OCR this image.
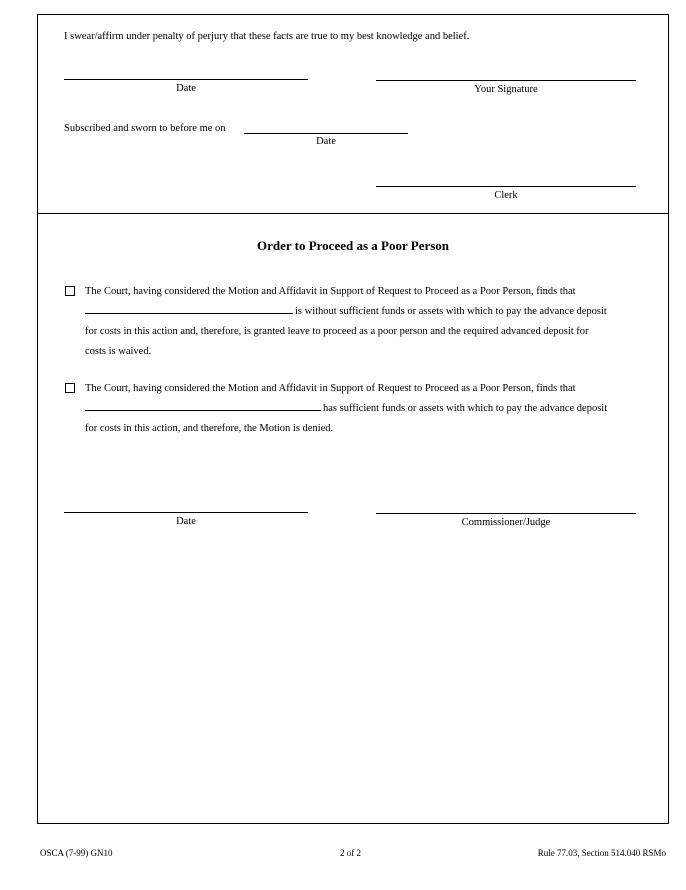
I swear/affirm under penalty of perjury that these facts are true to my best knowledge and belief.
Date	Your Signature
Subscribed and sworn to before me on
Date
Clerk
Order to Proceed as a Poor Person
The Court, having considered the Motion and Affidavit in Support of Request to Proceed as a Poor Person, finds that
is without sufficient funds or assets with which to pay the advance deposit
for costs in this action and, therefore, is granted leave to proceed as a poor person and the required advanced deposit for
costs is waived.
The Court, having considered the Motion and Affidavit in Support of Request to Proceed as a Poor Person, finds that
has sufficient funds or assets with which to pay the advance deposit
for costs in this action, and therefore, the Motion is denied.
Date	Commissioner/Judge
OSCA (7-99) GN10	2 of 2	Rule 77.03, Section 514.040 RSMo
